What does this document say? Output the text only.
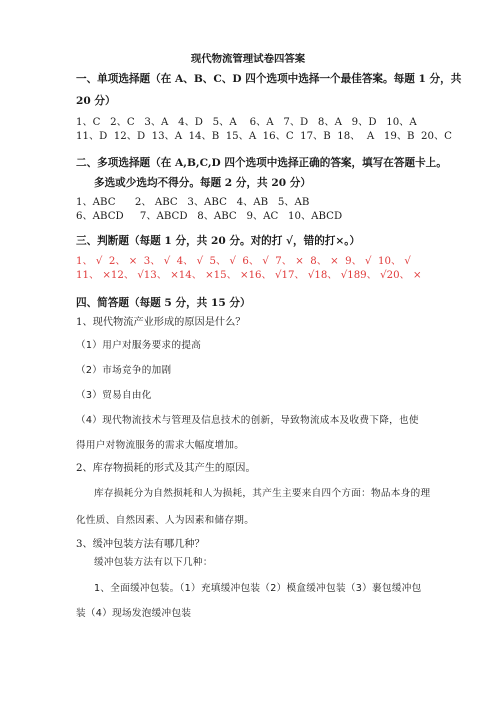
现代物流管理试卷四答案
一、单项选择题（在 A、B、C、D 四个选项中选择一个最佳答案。每题 1 分，共
20 分）
1、C   2、C   3、A   4、D   5、A    6、A   7、D   8、A   9、D   10、A
11、D  12、D  13、A  14、B  15、A  16、C  17、B  18、  A   19、B  20、C
二、多项选择题（在 A,B,C,D 四个选项中选择正确的答案，填写在答题卡上。
多选或少选均不得分。每题 2 分，共 20 分）
1、ABC      2、 ABC   3、ABC   4、AB   5、AB
6、ABCD     7、ABCD   8、ABC   9、AC   10、ABCD
三、判断题（每题 1 分，共 20 分。对的打 √，错的打×。）
1、 √  2、 ×  3、 √  4、 √  5、 √  6、 √  7、 ×  8、 ×  9、 √  10、 √
11、 ×12、 √13、 ×14、 ×15、 ×16、 √17、 √18、 √189、 √20、 ×
四、简答题（每题 5 分，共 15 分）
1、现代物流产业形成的原因是什么？
（1）用户对服务要求的提高
（2）市场竞争的加剧
（3）贸易自由化
（4）现代物流技术与管理及信息技术的创新，导致物流成本及收费下降，也使
得用户对物流服务的需求大幅度增加。
2、库存物损耗的形式及其产生的原因。
库存损耗分为自然损耗和人为损耗，其产生主要来自四个方面：物品本身的理
化性质、自然因素、人为因素和储存期。
3、缓冲包装方法有哪几种？
缓冲包装方法有以下几种：
1、全面缓冲包装。（1）充填缓冲包装（2）模盒缓冲包装（3）裹包缓冲包
装（4）现场发泡缓冲包装
